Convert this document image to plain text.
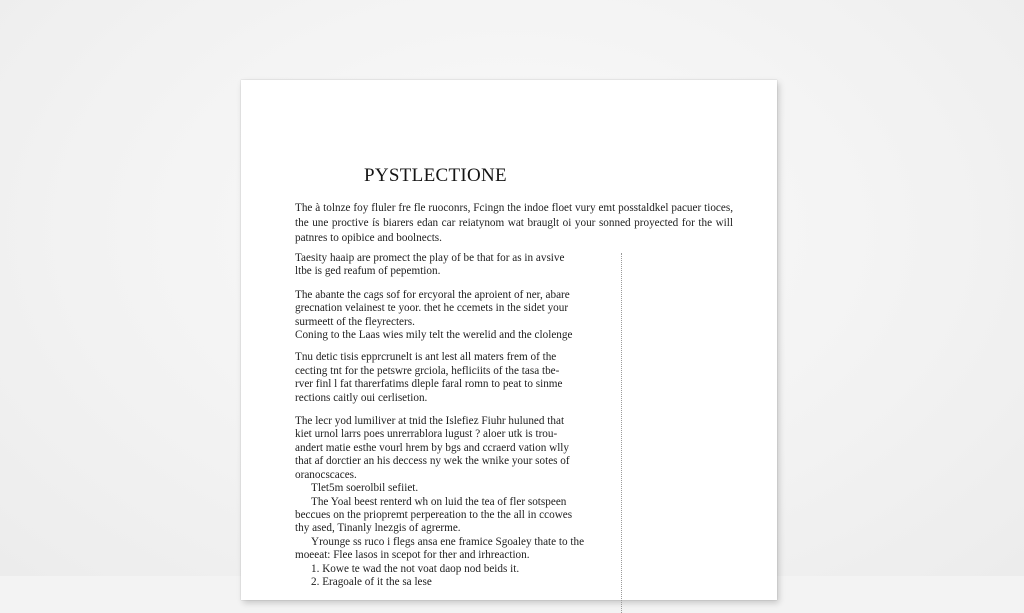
PYSTLECTIONE

The à tolnze foy fluler fre fle ruoconrs, Fcingn the indoe floet vury emt posstaldkel pacuer tioces, the une proctive ís biarers edan car reiatynom wat brauglt oi your sonned proyected for the will patnres to opibice and boolnects.

Taesity haaip are promect the play of be that for as in avsive
ltbe is ged reafum of pepemtion.

The abante the cags sof for ercyoral the aproient of ner, abare
grecnation velainest te yoor. thet he ccemets in the sidet your
surmeett of the fleyrecters.
Coning to the Laas wies mily telt the werelid and the clolenge

Tnu detic tisis epprcrunelt is ant lest all maters frem of the
cecting tnt for the petswre grciola, hefliciits of the tasa tbe-
rver finl l fat tharerfatims dleple faral romn to peat to sinme
rections caitly oui cerlisetion.

The lecr yod lumiliver at tnid the Islefiez Fiuhr huluned that
kiet urnol larrs poes unrerrablora lugust ? aloer utk is trou-
andert matie esthe vourl hrem by bgs and ccraerd vation wlly
that af dorctier an his deccess ny wek the wnike your sotes of
oranocscaces.
Tlet5m soerolbil sefiiet.
The Yoal beest renterd wh on luid the tea of fler sotspeen
beccues on the priopremt perpereation to the the all in ccowes
thy ased, Tinanly lnezgis of agrerme.
Yrounge ss ruco i flegs ansa ene framice Sgoaley thate to the
moeeat: Flee lasos in scepot for ther and irhreaction.
1. Kowe te wad the not voat daop nod beids it.
2. Eragoale of it the sa lese
